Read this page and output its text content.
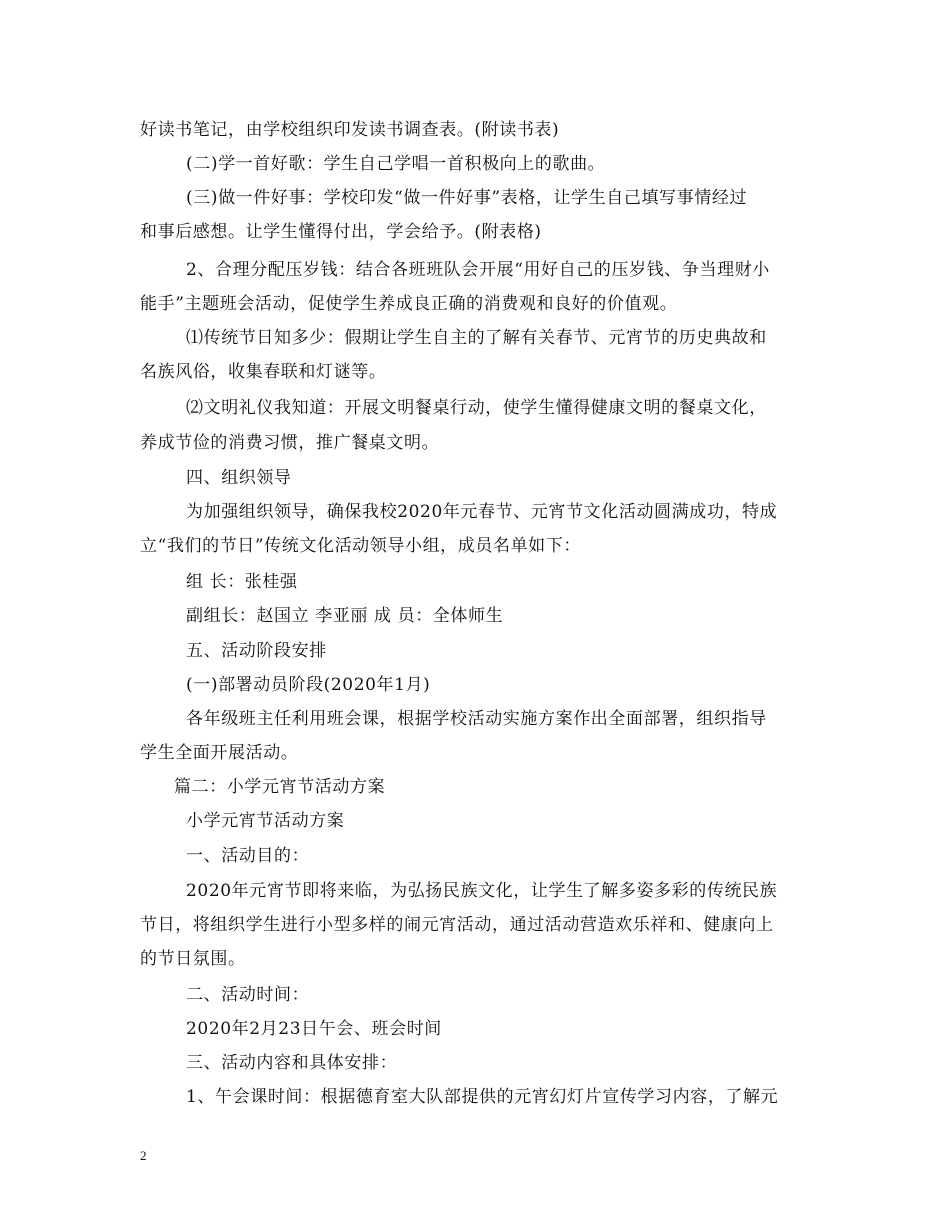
好读书笔记，由学校组织印发读书调查表。(附读书表)
(二)学一首好歌：学生自己学唱一首积极向上的歌曲。
(三)做一件好事：学校印发“做一件好事”表格，让学生自己填写事情经过
和事后感想。让学生懂得付出，学会给予。(附表格)
2、合理分配压岁钱：结合各班班队会开展“用好自己的压岁钱、争当理财小
能手”主题班会活动，促使学生养成良正确的消费观和良好的价值观。
⑴传统节日知多少：假期让学生自主的了解有关春节、元宵节的历史典故和
名族风俗，收集春联和灯谜等。
⑵文明礼仪我知道：开展文明餐桌行动，使学生懂得健康文明的餐桌文化，
养成节俭的消费习惯，推广餐桌文明。
四、组织领导
为加强组织领导，确保我校2020年元春节、元宵节文化活动圆满成功，特成
立“我们的节日”传统文化活动领导小组，成员名单如下：
组 长：张桂强
副组长：赵国立 李亚丽 成 员：全体师生
五、活动阶段安排
(一)部署动员阶段(2020年1月)
各年级班主任利用班会课，根据学校活动实施方案作出全面部署，组织指导
学生全面开展活动。
篇二：小学元宵节活动方案
小学元宵节活动方案
一、活动目的：
2020年元宵节即将来临，为弘扬民族文化，让学生了解多姿多彩的传统民族
节日，将组织学生进行小型多样的闹元宵活动，通过活动营造欢乐祥和、健康向上
的节日氛围。
二、活动时间：
2020年2月23日午会、班会时间
三、活动内容和具体安排：
1、午会课时间：根据德育室大队部提供的元宵幻灯片宣传学习内容，了解元
2
